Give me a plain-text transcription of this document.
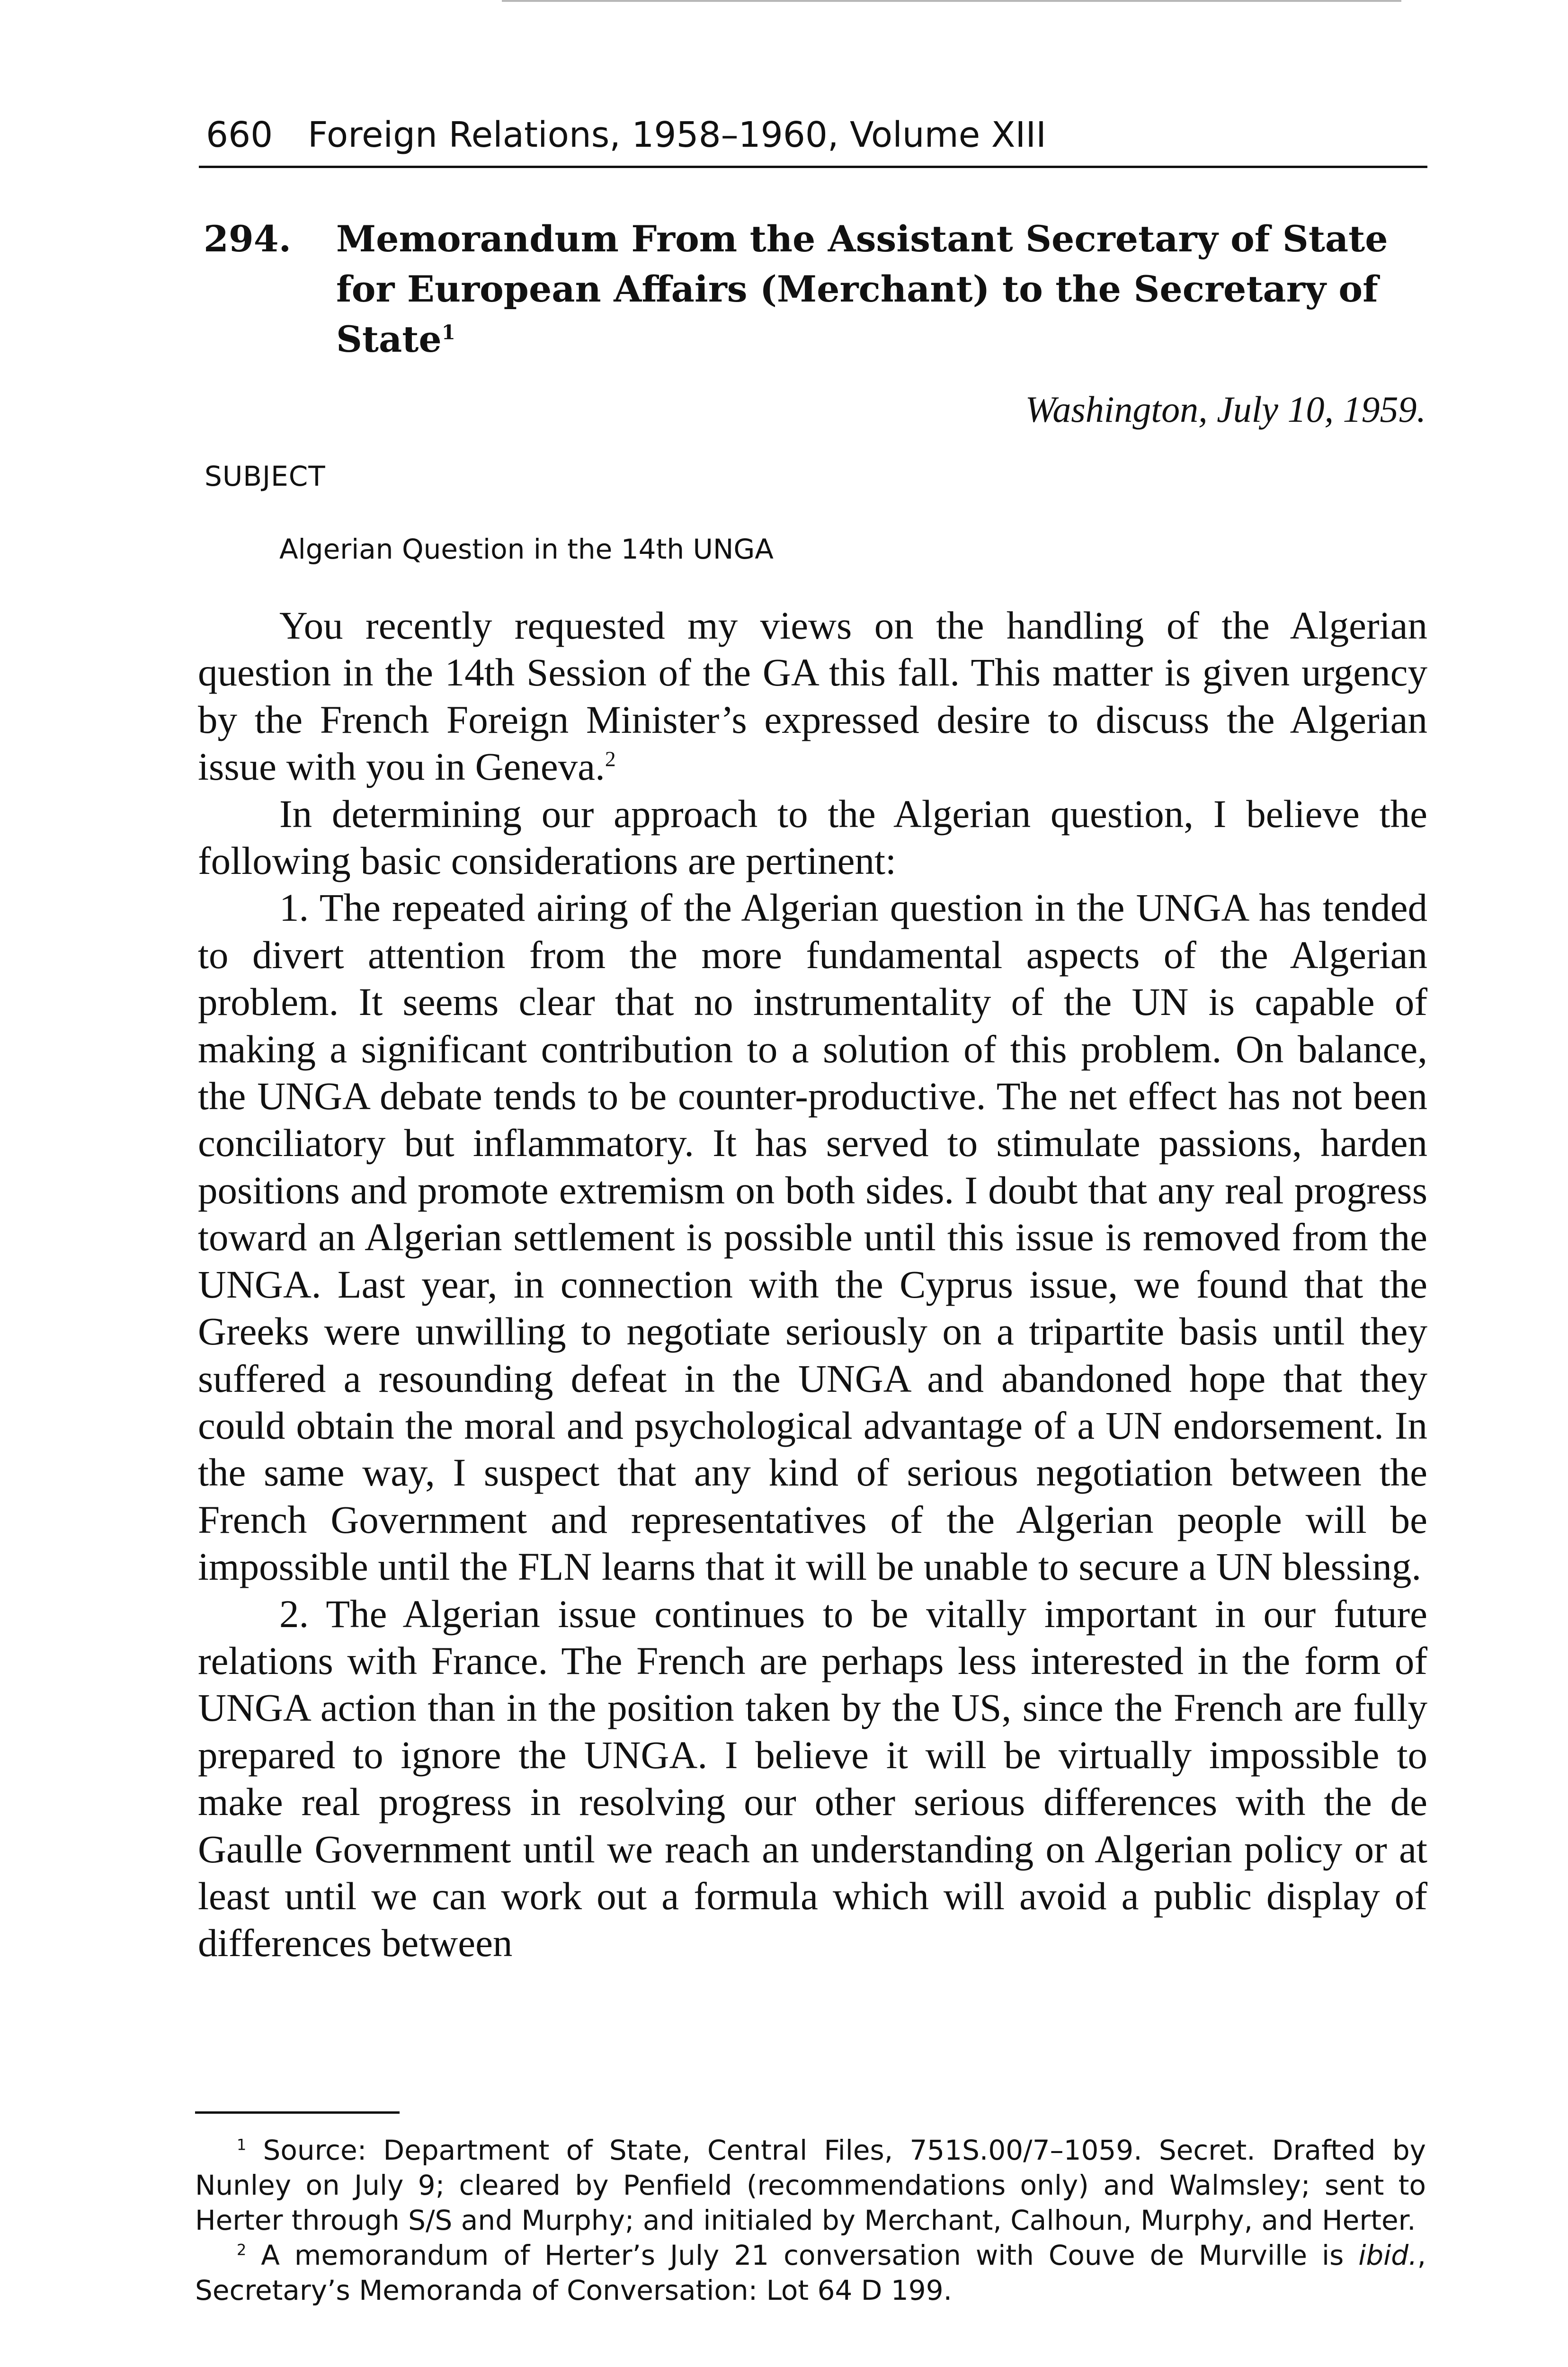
660 Foreign Relations, 1958–1960, Volume XIII
294. Memorandum From the Assistant Secretary of State for European Affairs (Merchant) to the Secretary of State$^1$
Washington, July 10, 1959.
SUBJECT
Algerian Question in the 14th UNGA

You recently requested my views on the handling of the Algerian question in the 14th Session of the GA this fall. This matter is given urgency by the French Foreign Minister’s expressed desire to discuss the Algerian issue with you in Geneva.$^2$

In determining our approach to the Algerian question, I believe the following basic considerations are pertinent:

1. The repeated airing of the Algerian question in the UNGA has tended to divert attention from the more fundamental aspects of the Algerian problem. It seems clear that no instrumentality of the UN is capable of making a significant contribution to a solution of this problem. On balance, the UNGA debate tends to be counter-productive. The net effect has not been conciliatory but inflammatory. It has served to stimulate passions, harden positions and promote extremism on both sides. I doubt that any real progress toward an Algerian settlement is possible until this issue is removed from the UNGA. Last year, in connection with the Cyprus issue, we found that the Greeks were unwilling to negotiate seriously on a tripartite basis until they suffered a resounding defeat in the UNGA and abandoned hope that they could obtain the moral and psychological advantage of a UN endorsement. In the same way, I suspect that any kind of serious negotiation between the French Government and representatives of the Algerian people will be impossible until the FLN learns that it will be unable to secure a UN blessing.

2. The Algerian issue continues to be vitally important in our future relations with France. The French are perhaps less interested in the form of UNGA action than in the position taken by the US, since the French are fully prepared to ignore the UNGA. I believe it will be virtually impossible to make real progress in resolving our other serious differences with the de Gaulle Government until we reach an understanding on Algerian policy or at least until we can work out a formula which will avoid a public display of differences between

$^1$ Source: Department of State, Central Files, 751S.00/7–1059. Secret. Drafted by Nunley on July 9; cleared by Penfield (recommendations only) and Walmsley; sent to Herter through S/S and Murphy; and initialed by Merchant, Calhoun, Murphy, and Herter.

$^2$ A memorandum of Herter’s July 21 conversation with Couve de Murville is ibid., Secretary’s Memoranda of Conversation: Lot 64 D 199.
